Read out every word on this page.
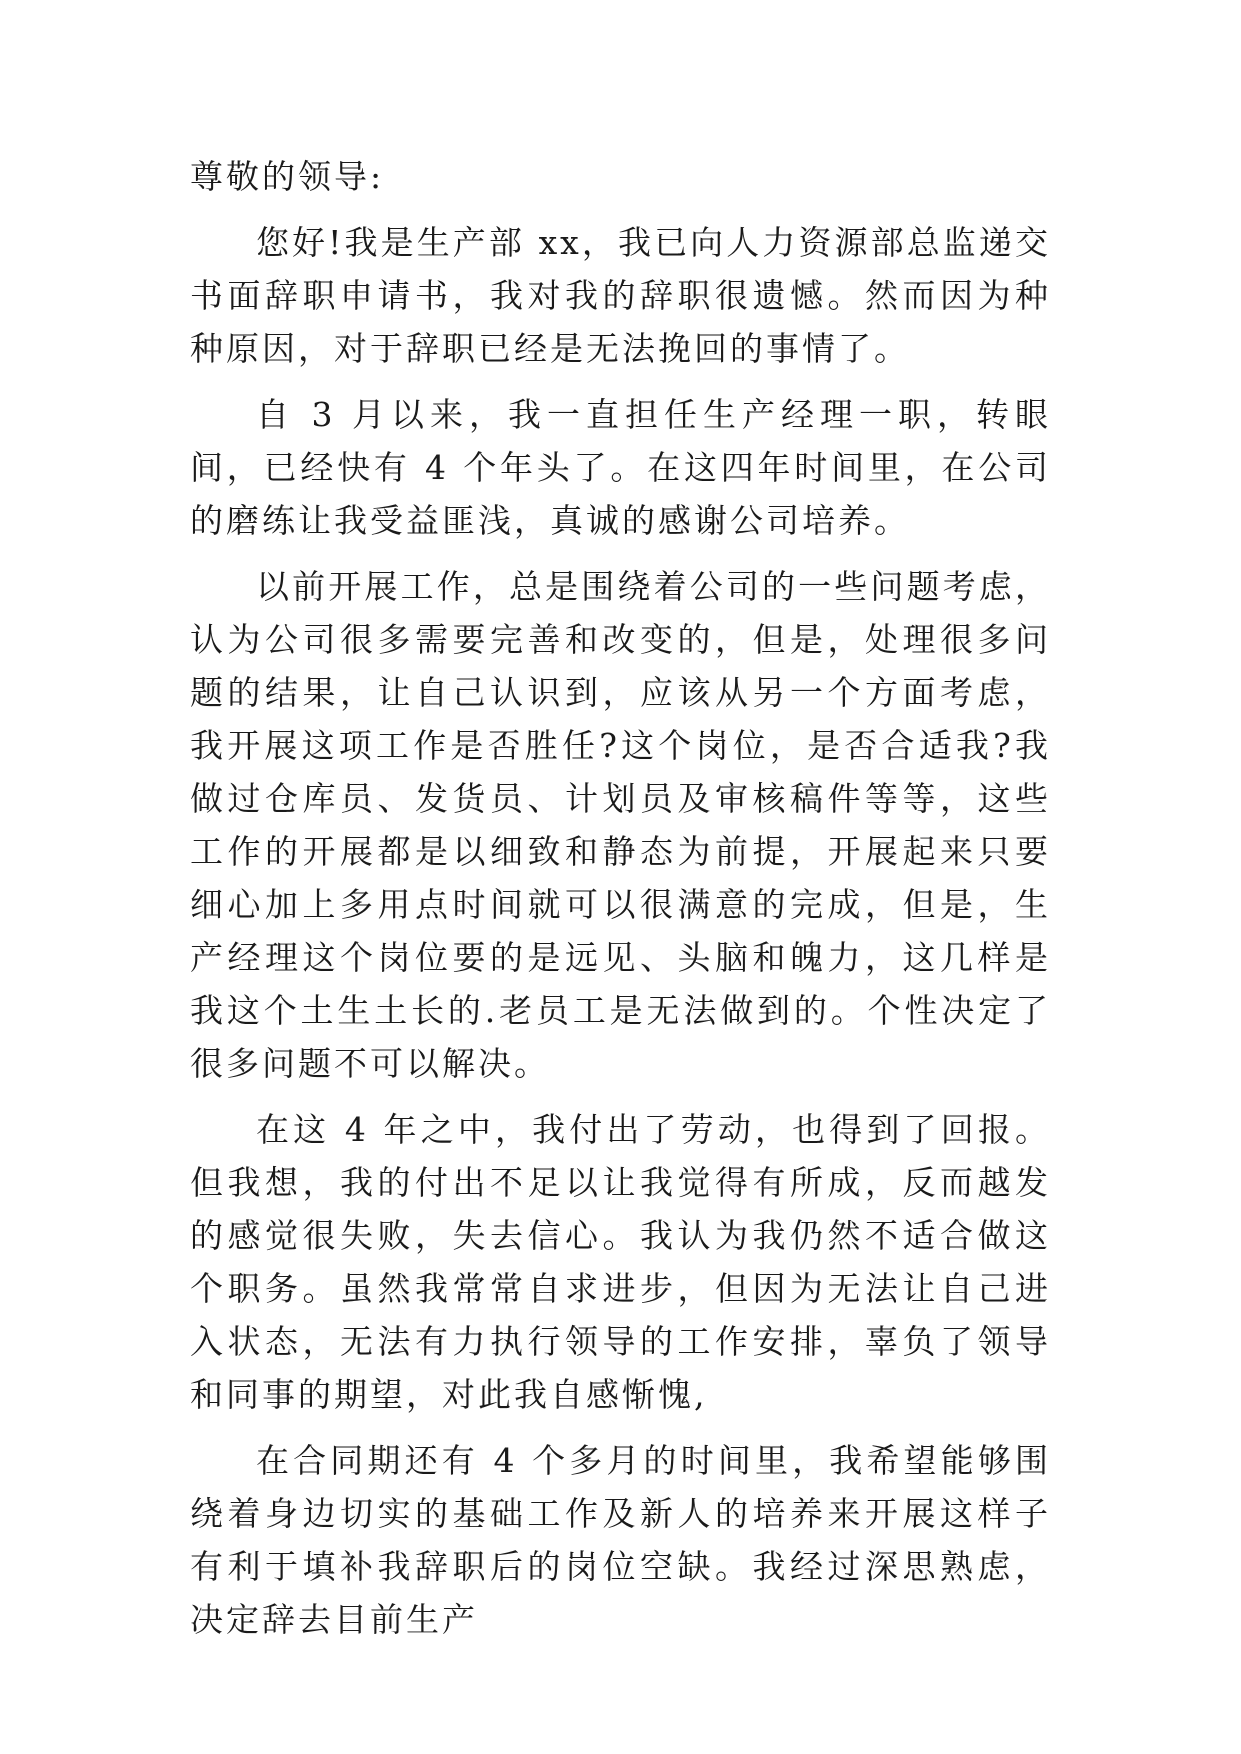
尊敬的领导:

您好!我是生产部 xx，我已向人力资源部总监递交书面辞职申请书，我对我的辞职很遗憾。然而因为种种原因，对于辞职已经是无法挽回的事情了。

自 3 月以来，我一直担任生产经理一职，转眼间，已经快有 4 个年头了。在这四年时间里，在公司的磨练让我受益匪浅，真诚的感谢公司培养。

以前开展工作，总是围绕着公司的一些问题考虑，认为公司很多需要完善和改变的，但是，处理很多问题的结果，让自己认识到，应该从另一个方面考虑，我开展这项工作是否胜任?这个岗位，是否合适我?我做过仓库员、发货员、计划员及审核稿件等等，这些工作的开展都是以细致和静态为前提，开展起来只要细心加上多用点时间就可以很满意的完成，但是，生产经理这个岗位要的是远见、头脑和魄力，这几样是我这个土生土长的.老员工是无法做到的。个性决定了很多问题不可以解决。

在这 4 年之中，我付出了劳动，也得到了回报。但我想，我的付出不足以让我觉得有所成，反而越发的感觉很失败，失去信心。我认为我仍然不适合做这个职务。虽然我常常自求进步，但因为无法让自己进入状态，无法有力执行领导的工作安排，辜负了领导和同事的期望，对此我自感惭愧,

在合同期还有 4 个多月的时间里，我希望能够围绕着身边切实的基础工作及新人的培养来开展这样子有利于填补我辞职后的岗位空缺。我经过深思熟虑，决定辞去目前生产
